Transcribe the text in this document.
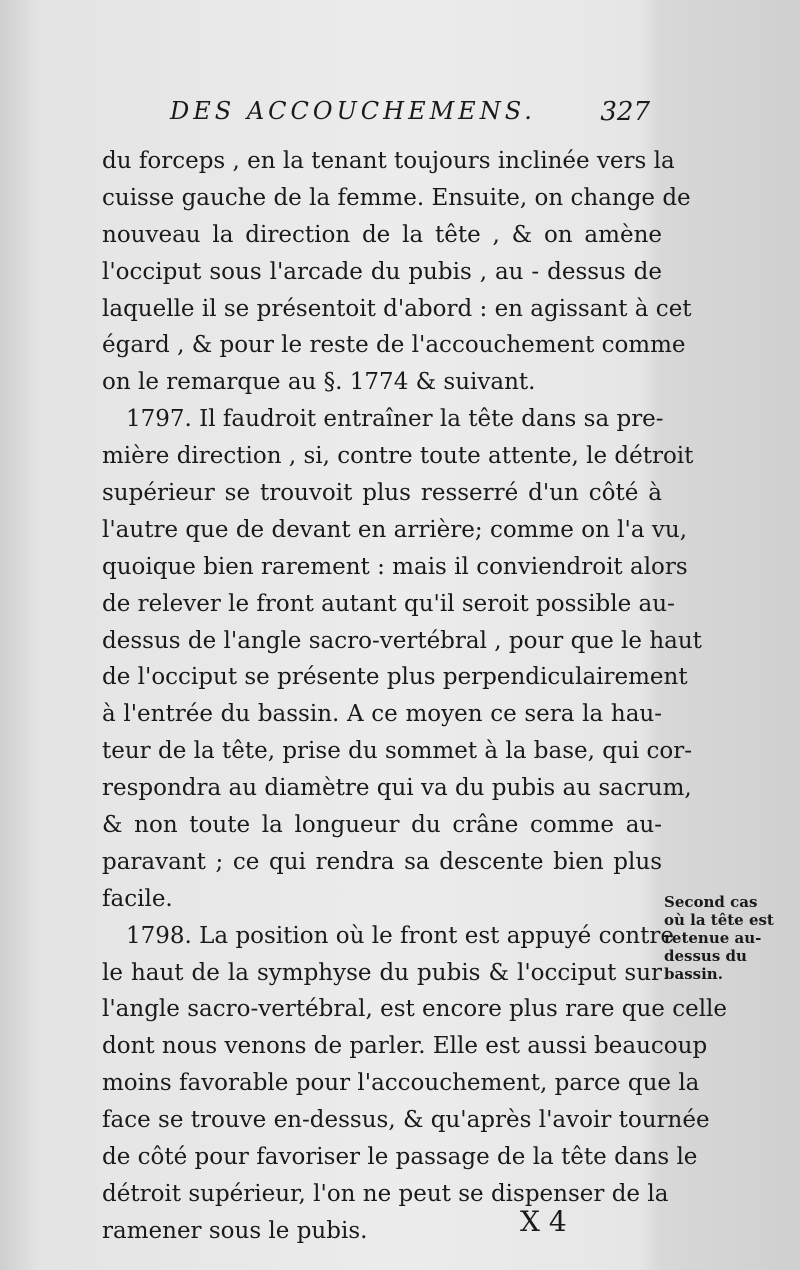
DES ACCOUCHEMENS. 327
du forceps , en la tenant toujours inclinée vers la
cuisse gauche de la femme. Ensuite, on change de
nouveau la direction de la tête , & on amène
l'occiput sous l'arcade du pubis , au - dessus de
laquelle il se présentoit d'abord : en agissant à cet
égard , & pour le reste de l'accouchement comme
on le remarque au §. 1774 & suivant.
1797. Il faudroit entraîner la tête dans sa pre-
mière direction , si, contre toute attente, le détroit
supérieur se trouvoit plus resserré d'un côté à
l'autre que de devant en arrière; comme on l'a vu,
quoique bien rarement : mais il conviendroit alors
de relever le front autant qu'il seroit possible au-
dessus de l'angle sacro-vertébral , pour que le haut
de l'occiput se présente plus perpendiculairement
à l'entrée du bassin. A ce moyen ce sera la hau-
teur de la tête, prise du sommet à la base, qui cor-
respondra au diamètre qui va du pubis au sacrum,
& non toute la longueur du crâne comme au-
paravant ; ce qui rendra sa descente bien plus
facile.
1798. La position où le front est appuyé contre
le haut de la symphyse du pubis & l'occiput sur
l'angle sacro-vertébral, est encore plus rare que celle
dont nous venons de parler. Elle est aussi beaucoup
moins favorable pour l'accouchement, parce que la
face se trouve en-dessus, & qu'après l'avoir tournée
de côté pour favoriser le passage de la tête dans le
détroit supérieur, l'on ne peut se dispenser de la
ramener sous le pubis.
Second cas
où la tête est
retenue au-
dessus du
bassin.
X 4
